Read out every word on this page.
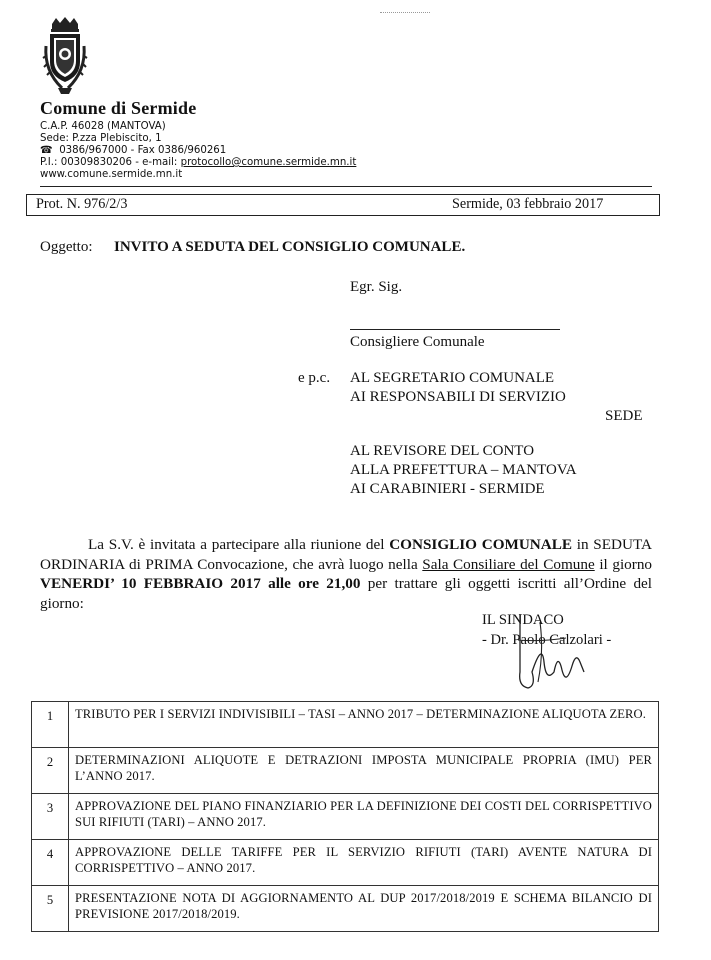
Comune di Sermide
C.A.P. 46028 (MANTOVA)
Sede: P.zza Plebiscito, 1
☎ 0386/967000 - Fax 0386/960261
P.I.: 00309830206 - e-mail: protocollo@comune.sermide.mn.it
www.comune.sermide.mn.it
Prot. N. 976/2/3	Sermide, 03 febbraio 2017
Oggetto: INVITO A SEDUTA DEL CONSIGLIO COMUNALE.
Egr. Sig.
Consigliere Comunale
e p.c. AL SEGRETARIO COMUNALE
AI RESPONSABILI DI SERVIZIO
SEDE
AL REVISORE DEL CONTO
ALLA PREFETTURA – MANTOVA
AI CARABINIERI - SERMIDE

La S.V. è invitata a partecipare alla riunione del CONSIGLIO COMUNALE in SEDUTA ORDINARIA di PRIMA Convocazione, che avrà luogo nella Sala Consiliare del Comune il giorno VENERDI’ 10 FEBBRAIO 2017 alle ore 21,00 per trattare gli oggetti iscritti all’Ordine del giorno:

IL SINDACO
- Dr. Paolo Calzolari -
1	TRIBUTO PER I SERVIZI INDIVISIBILI – TASI – ANNO 2017 – DETERMINAZIONE ALIQUOTA ZERO.
2	DETERMINAZIONI ALIQUOTE E DETRAZIONI IMPOSTA MUNICIPALE PROPRIA (IMU) PER L’ANNO 2017.
3	APPROVAZIONE DEL PIANO FINANZIARIO PER LA DEFINIZIONE DEI COSTI DEL CORRISPETTIVO SUI RIFIUTI (TARI) – ANNO 2017.
4	APPROVAZIONE DELLE TARIFFE PER IL SERVIZIO RIFIUTI (TARI) AVENTE NATURA DI CORRISPETTIVO – ANNO 2017.
5	PRESENTAZIONE NOTA DI AGGIORNAMENTO AL DUP 2017/2018/2019 E SCHEMA BILANCIO DI PREVISIONE 2017/2018/2019.
